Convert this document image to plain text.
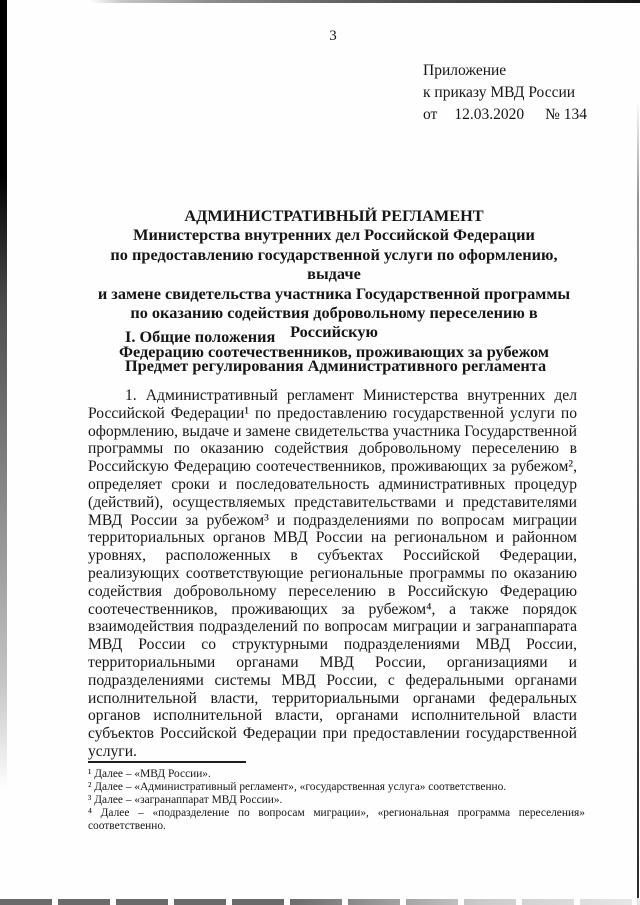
3
Приложение
к приказу МВД России
от 12.03.2020 № 134
АДМИНИСТРАТИВНЫЙ РЕГЛАМЕНТ
Министерства внутренних дел Российской Федерации
по предоставлению государственной услуги по оформлению, выдаче
и замене свидетельства участника Государственной программы
по оказанию содействия добровольному переселению в Российскую
Федерацию соотечественников, проживающих за рубежом
I. Общие положения
Предмет регулирования Административного регламента
1. Административный регламент Министерства внутренних дел Российской Федерации¹ по предоставлению государственной услуги по оформлению, выдаче и замене свидетельства участника Государственной программы по оказанию содействия добровольному переселению в Российскую Федерацию соотечественников, проживающих за рубежом², определяет сроки и последовательность административных процедур (действий), осуществляемых представительствами и представителями МВД России за рубежом³ и подразделениями по вопросам миграции территориальных органов МВД России на региональном и районном уровнях, расположенных в субъектах Российской Федерации, реализующих соответствующие региональные программы по оказанию содействия добровольному переселению в Российскую Федерацию соотечественников, проживающих за рубежом⁴, а также порядок взаимодействия подразделений по вопросам миграции и загранаппарата МВД России со структурными подразделениями МВД России, территориальными органами МВД России, организациями и подразделениями системы МВД России, с федеральными органами исполнительной власти, территориальными органами федеральных органов исполнительной власти, органами исполнительной власти субъектов Российской Федерации при предоставлении государственной услуги.
¹ Далее – «МВД России».
² Далее – «Административный регламент», «государственная услуга» соответственно.
³ Далее – «загранаппарат МВД России».
⁴ Далее – «подразделение по вопросам миграции», «региональная программа переселения» соответственно.
